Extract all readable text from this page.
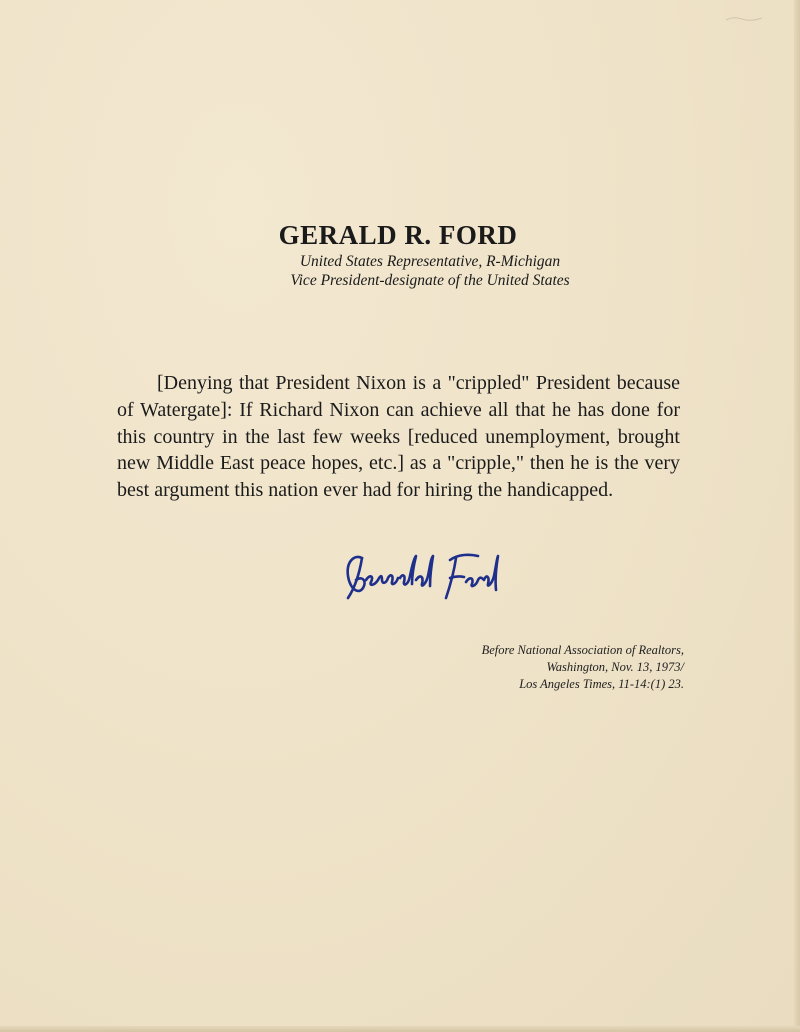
GERALD R. FORD
United States Representative, R-Michigan
Vice President-designate of the United States
[Denying that President Nixon is a "crippled" President because of Watergate]: If Richard Nixon can achieve all that he has done for this country in the last few weeks [reduced unemployment, brought new Middle East peace hopes, etc.] as a "cripple," then he is the very best argument this nation ever had for hiring the handicapped.
Before National Association of Realtors,
Washington, Nov. 13, 1973/
Los Angeles Times, 11-14:(1) 23.
